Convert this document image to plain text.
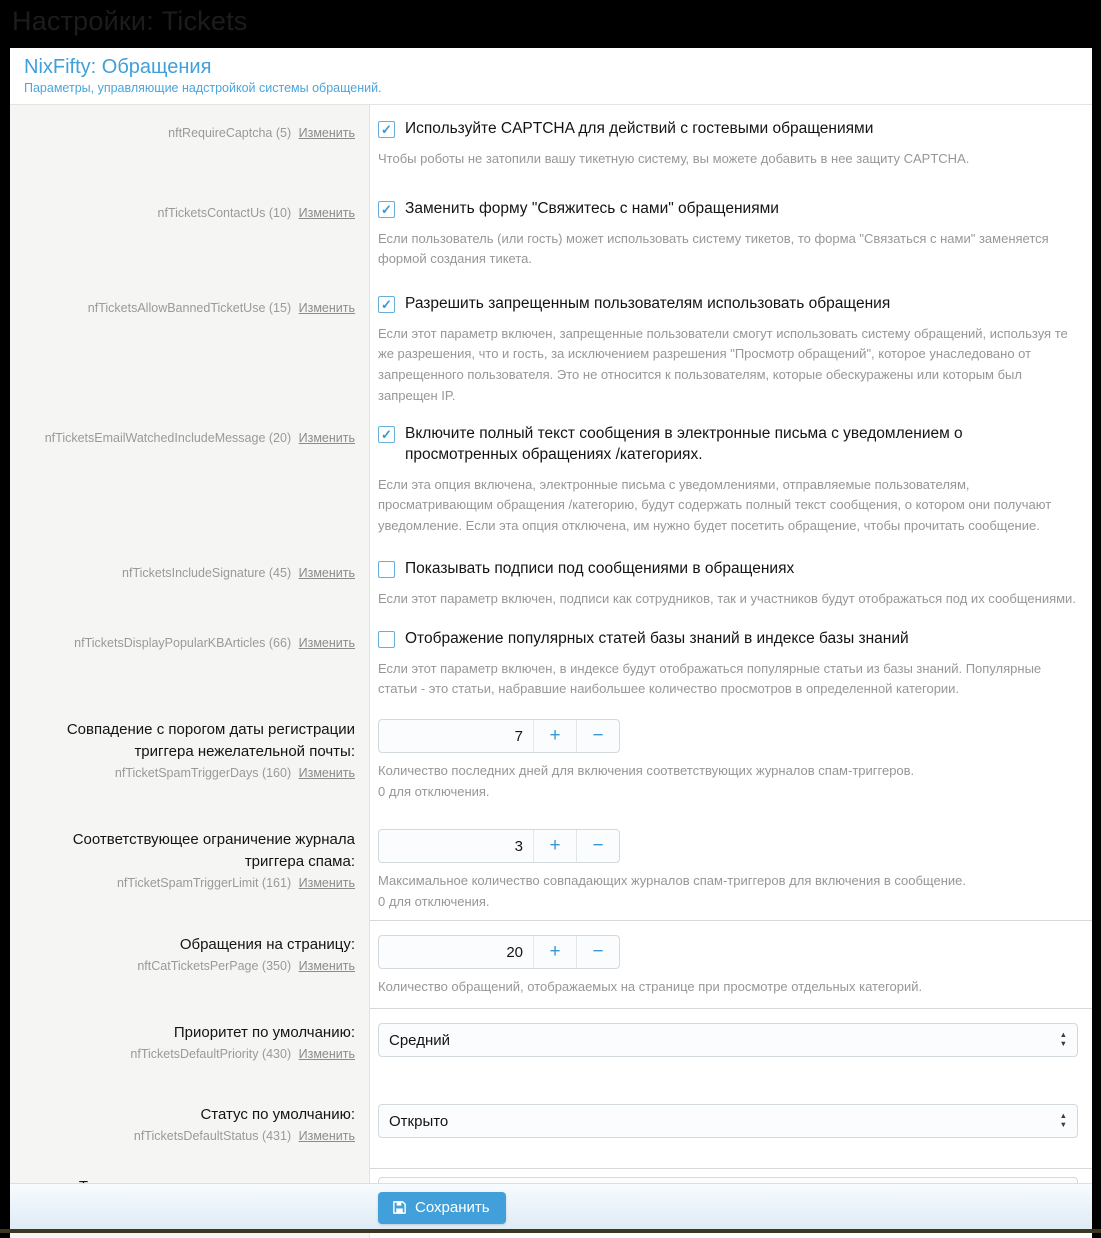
Настройки: Tickets
NixFifty: Обращения
Параметры, управляющие надстройкой системы обращений.
nftRequireCaptcha (5) Изменить ✓ Используйте CAPTCHA для действий с гостевыми обращениями
Чтобы роботы не затопили вашу тикетную систему, вы можете добавить в нее защиту CAPTCHA.
nfTicketsContactUs (10) Изменить ✓ Заменить форму "Свяжитесь с нами" обращениями
Если пользователь (или гость) может использовать систему тикетов, то форма "Связаться с нами" заменяется формой создания тикета.
nfTicketsAllowBannedTicketUse (15) Изменить ✓ Разрешить запрещенным пользователям использовать обращения
Если этот параметр включен, запрещенные пользователи смогут использовать систему обращений, используя те же разрешения, что и гость, за исключением разрешения "Просмотр обращений", которое унаследовано от запрещенного пользователя. Это не относится к пользователям, которые обескуражены или которым был запрещен IP.
nfTicketsEmailWatchedIncludeMessage (20) Изменить ✓ Включите полный текст сообщения в электронные письма с уведомлением о просмотренных обращениях /категориях.
Если эта опция включена, электронные письма с уведомлениями, отправляемые пользователям, просматривающим обращения /категорию, будут содержать полный текст сообщения, о котором они получают уведомление. Если эта опция отключена, им нужно будет посетить обращение, чтобы прочитать сообщение.
nfTicketsIncludeSignature (45) Изменить	Показывать подписи под сообщениями в обращениях
Если этот параметр включен, подписи как сотрудников, так и участников будут отображаться под их сообщениями.
nfTicketsDisplayPopularKBArticles (66) Изменить	Отображение популярных статей базы знаний в индексе базы знаний
Если этот параметр включен, в индексе будут отображаться популярные статьи из базы знаний. Популярные статьи - это статьи, набравшие наибольшее количество просмотров в определенной категории.
Совпадение с порогом даты регистрации триггера нежелательной почты:
nfTicketSpamTriggerDays (160) Изменить
7
+	−
Количество последних дней для включения соответствующих журналов спам-триггеров.
0 для отключения.
Соответствующее ограничение журнала триггера спама:
nfTicketSpamTriggerLimit (161) Изменить
3
+	−
Максимальное количество совпадающих журналов спам-триггеров для включения в сообщение.
0 для отключения.
Обращения на страницу:
nftCatTicketsPerPage (350) Изменить
20
+	−
Количество обращений, отображаемых на странице при просмотре отдельных категорий.
Приоритет по умолчанию:
nfTicketsDefaultPriority (430) Изменить
Средний	▲
▼
Статус по умолчанию:
nfTicketsDefaultStatus (431) Изменить
Открыто	▲
▼
Сохранить
